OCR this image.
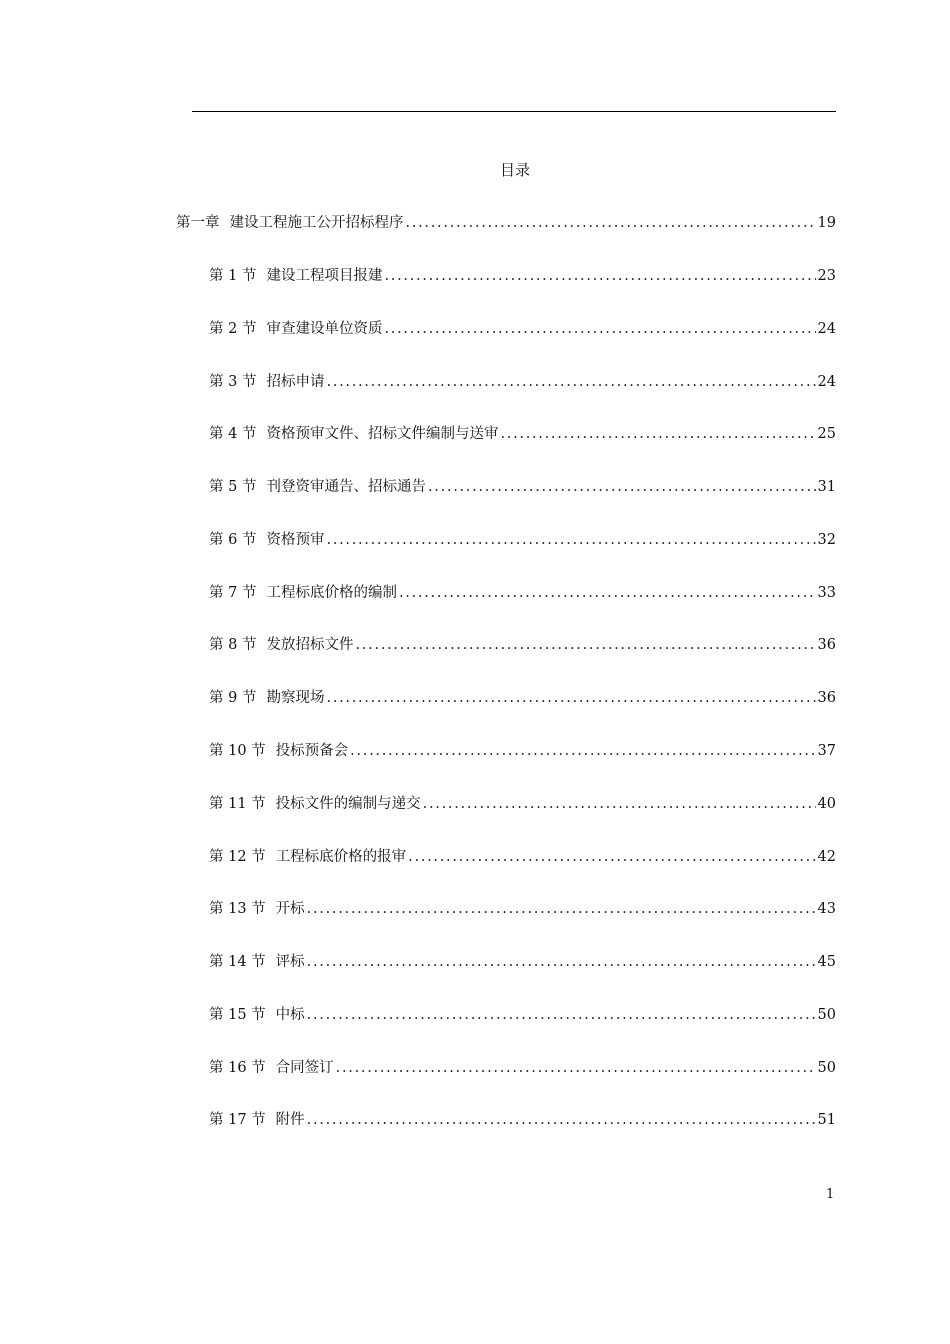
目录
第一章 建设工程施工公开招标程序 .....	19
第 1 节 建设工程项目报建 .....	23
第 2 节 审查建设单位资质 .....	24
第 3 节 招标申请 .....	24
第 4 节 资格预审文件、招标文件编制与送审 .....	25
第 5 节 刊登资审通告、招标通告 .....	31
第 6 节 资格预审 .....	32
第 7 节 工程标底价格的编制 .....	33
第 8 节 发放招标文件 .....	36
第 9 节 勘察现场 .....	36
第 10 节 投标预备会 .....	37
第 11 节 投标文件的编制与递交 .....	40
第 12 节 工程标底价格的报审 .....	42
第 13 节 开标 .....	43
第 14 节 评标 .....	45
第 15 节 中标 .....	50
第 16 节 合同签订 .....	50
第 17 节 附件 .....	51
1
